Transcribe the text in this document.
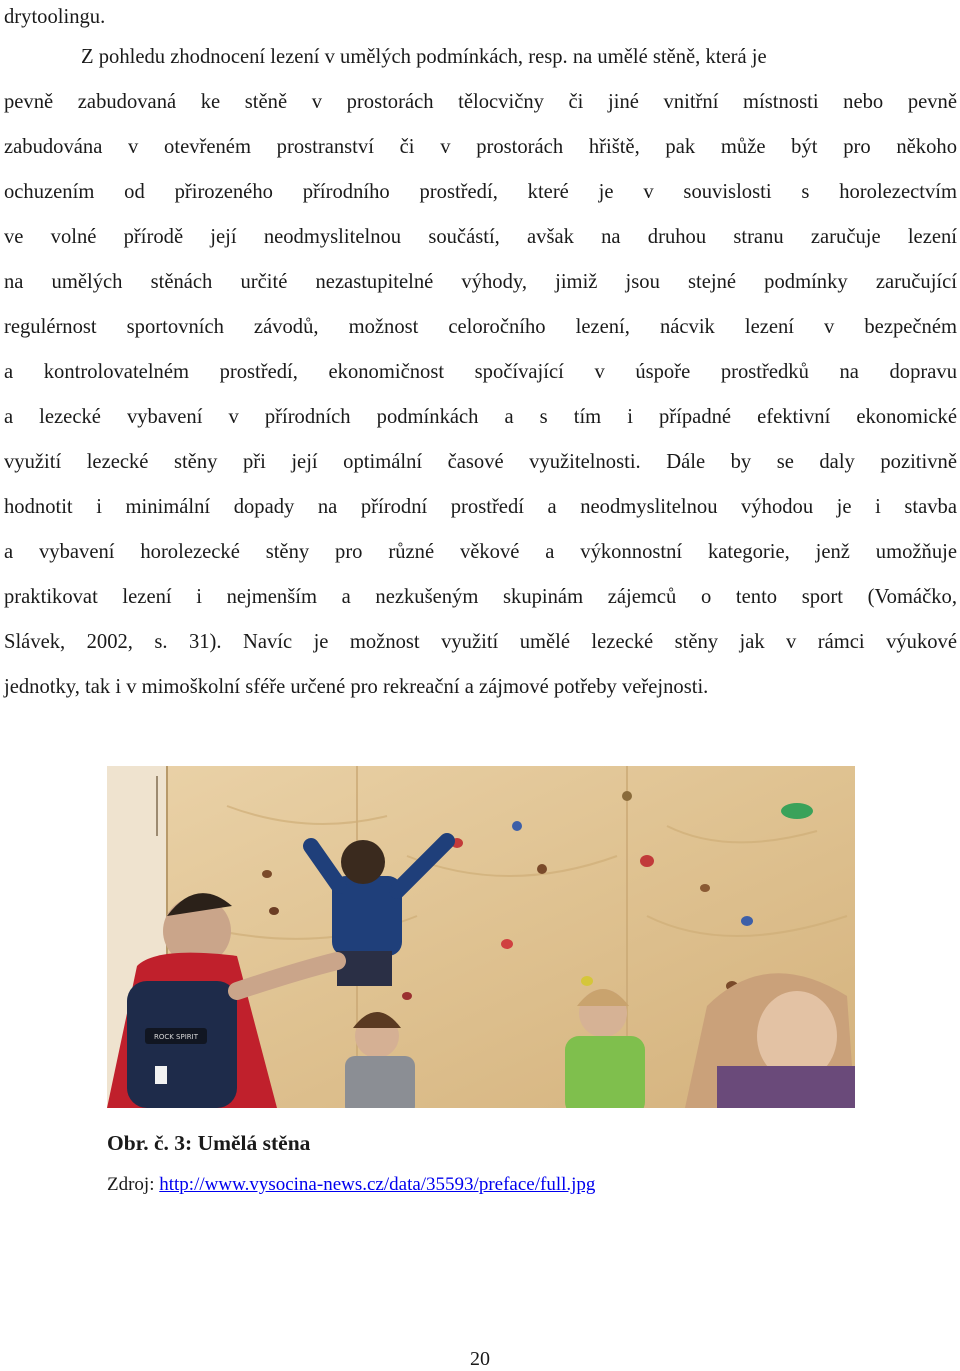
drytoolingu.
Z pohledu zhodnocení lezení v umělých podmínkách, resp. na umělé stěně, která je
pevně zabudovaná ke stěně v prostorách tělocvičny či jiné vnitřní místnosti nebo pevně
zabudována v otevřeném prostranství či v prostorách hřiště, pak může být pro někoho
ochuzením od přirozeného přírodního prostředí, které je v souvislosti s horolezectvím
ve volné přírodě její neodmyslitelnou součástí, avšak na druhou stranu zaručuje lezení
na umělých stěnách určité nezastupitelné výhody, jimiž jsou stejné podmínky zaručující
regulérnost sportovních závodů, možnost celoročního lezení, nácvik lezení v bezpečném
a kontrolovatelném prostředí, ekonomičnost spočívající v úspoře prostředků na dopravu
a lezecké vybavení v přírodních podmínkách a s tím i případné efektivní ekonomické
využití lezecké stěny při její optimální časové využitelnosti. Dále by se daly pozitivně
hodnotit i minimální dopady na přírodní prostředí a neodmyslitelnou výhodou je i stavba
a vybavení horolezecké stěny pro různé věkové a výkonnostní kategorie, jenž umožňuje
praktikovat lezení i nejmenším a nezkušeným skupinám zájemců o tento sport (Vomáčko,
Slávek, 2002, s. 31). Navíc je možnost využití umělé lezecké stěny jak v rámci výukové
jednotky, tak i v mimoškolní sféře určené pro rekreační a zájmové potřeby veřejnosti.
ROCK SPIRIT
Obr. č. 3: Umělá stěna
Zdroj: http://www.vysocina-news.cz/data/35593/preface/full.jpg
20
